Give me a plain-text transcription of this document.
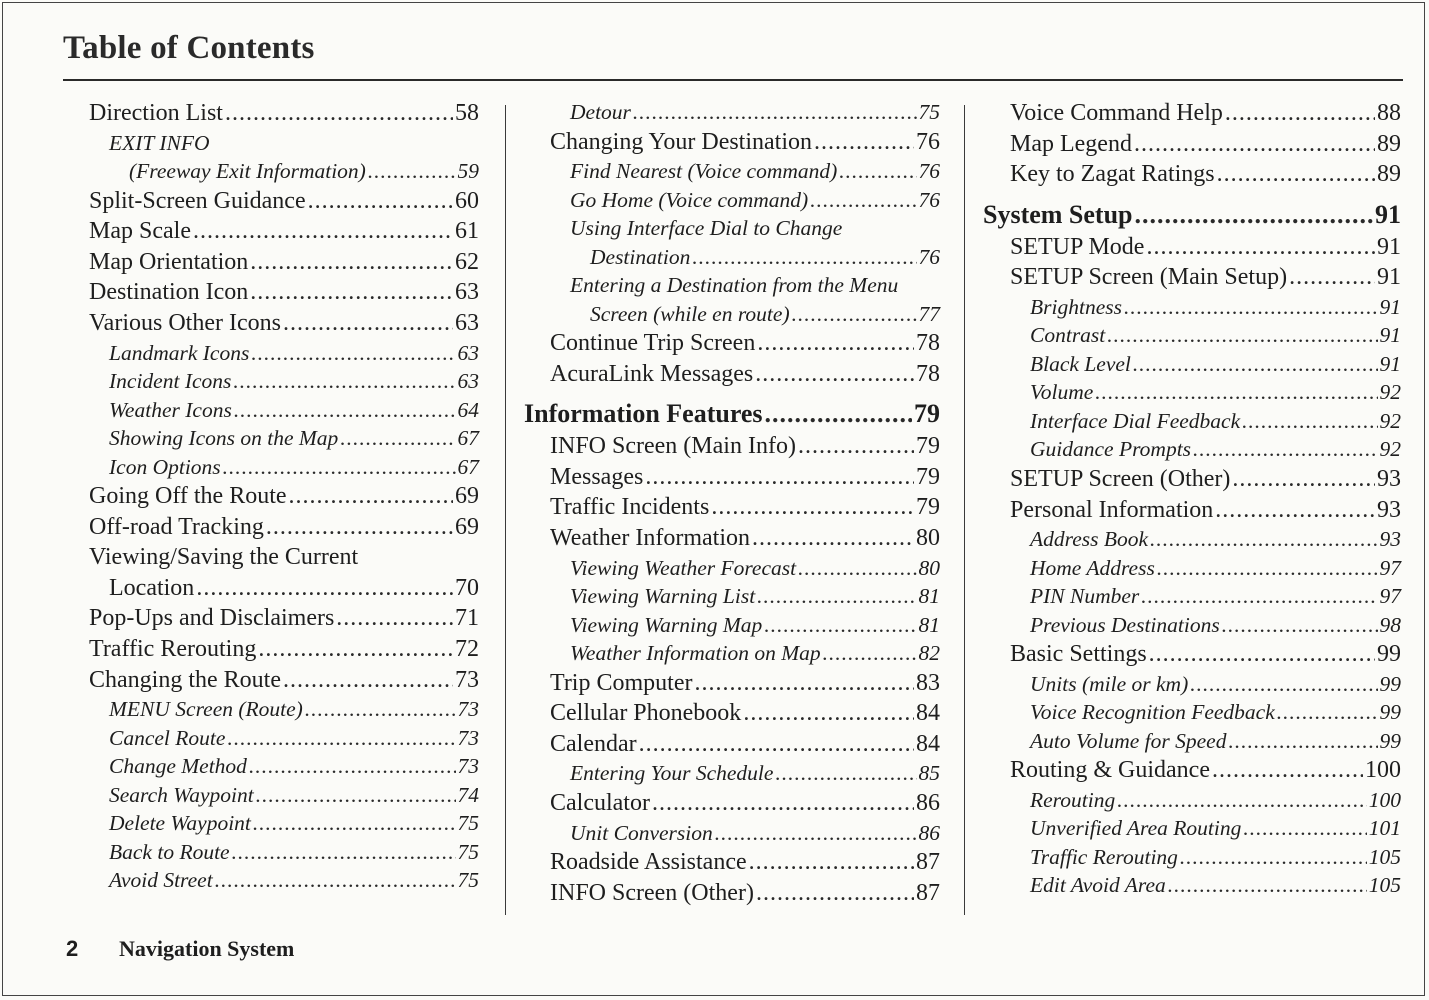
Table of Contents
Direction List .....	58
EXIT INFO
(Freeway Exit Information) .....	59
Split-Screen Guidance .....	60
Map Scale .....	61
Map Orientation .....	62
Destination Icon .....	63
Various Other Icons .....	63
Landmark Icons .....	63
Incident Icons .....	63
Weather Icons .....	64
Showing Icons on the Map .....	67
Icon Options .....	67
Going Off the Route .....	69
Off-road Tracking .....	69
Viewing/Saving the Current
Location .....	70
Pop-Ups and Disclaimers .....	71
Traffic Rerouting .....	72
Changing the Route .....	73
MENU Screen (Route) .....	73
Cancel Route .....	73
Change Method .....	73
Search Waypoint .....	74
Delete Waypoint .....	75
Back to Route .....	75
Avoid Street .....	75
Detour .....	75
Changing Your Destination .....	76
Find Nearest (Voice command) .....	76
Go Home (Voice command) .....	76
Using Interface Dial to Change
Destination .....	76
Entering a Destination from the Menu
Screen (while en route) .....	77
Continue Trip Screen .....	78
AcuraLink Messages .....	78
Information Features .....	79
INFO Screen (Main Info) .....	79
Messages .....	79
Traffic Incidents .....	79
Weather Information .....	80
Viewing Weather Forecast .....	80
Viewing Warning List .....	81
Viewing Warning Map .....	81
Weather Information on Map .....	82
Trip Computer .....	83
Cellular Phonebook .....	84
Calendar .....	84
Entering Your Schedule .....	85
Calculator .....	86
Unit Conversion .....	86
Roadside Assistance .....	87
INFO Screen (Other) .....	87
Voice Command Help .....	88
Map Legend .....	89
Key to Zagat Ratings .....	89
System Setup .....	91
SETUP Mode .....	91
SETUP Screen (Main Setup) .....	91
Brightness .....	91
Contrast .....	91
Black Level .....	91
Volume .....	92
Interface Dial Feedback .....	92
Guidance Prompts .....	92
SETUP Screen (Other) .....	93
Personal Information .....	93
Address Book .....	93
Home Address .....	97
PIN Number .....	97
Previous Destinations .....	98
Basic Settings .....	99
Units (mile or km) .....	99
Voice Recognition Feedback .....	99
Auto Volume for Speed .....	99
Routing & Guidance .....	100
Rerouting .....	100
Unverified Area Routing .....	101
Traffic Rerouting .....	105
Edit Avoid Area .....	105
2 Navigation System
